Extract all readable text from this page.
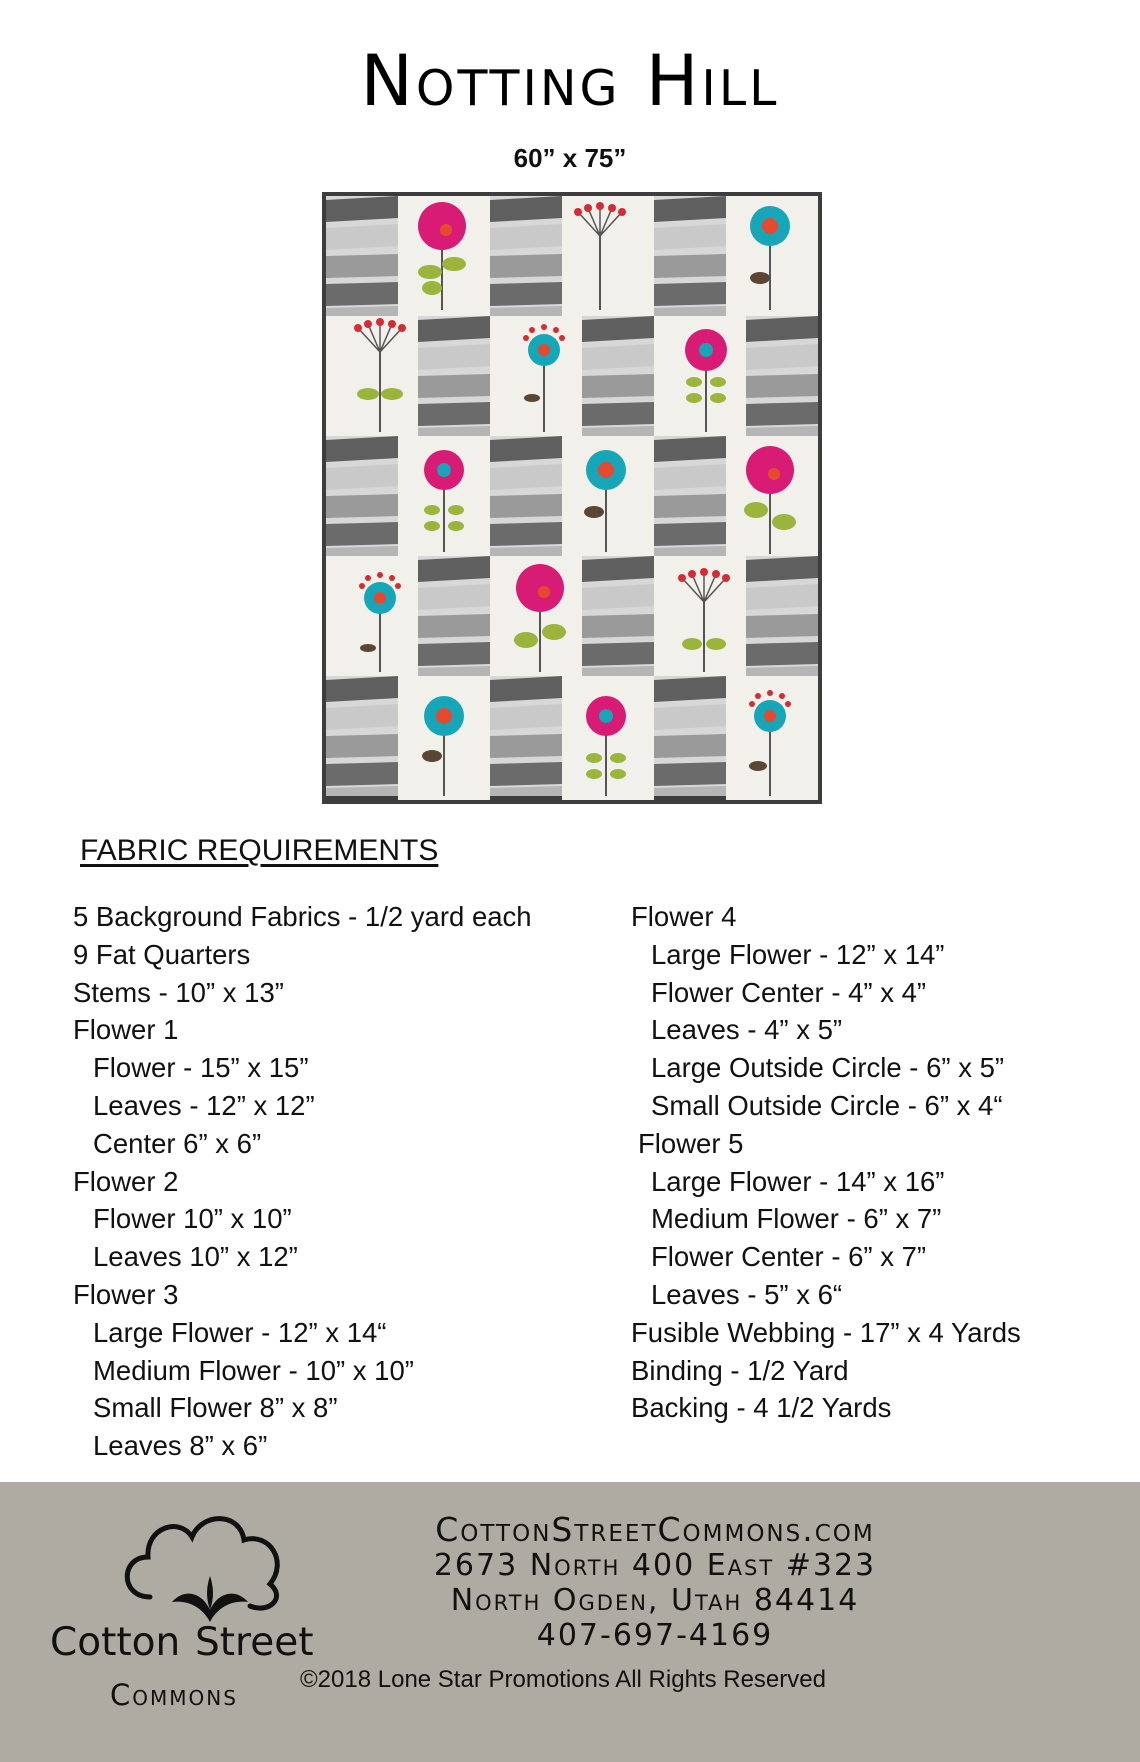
Notting Hill
60” x 75”
FABRIC REQUIREMENTS
5 Background Fabrics - 1/2 yard each
9 Fat Quarters
Stems - 10” x 13”
Flower 1
Flower - 15” x 15”
Leaves - 12” x 12”
Center 6” x 6”
Flower 2
Flower 10” x 10”
Leaves 10” x 12”
Flower 3
Large Flower - 12” x 14“
Medium Flower - 10” x 10”
Small Flower 8” x 8”
Leaves 8” x 6”
Flower 4
Large Flower - 12” x 14”
Flower Center - 4” x 4”
Leaves - 4” x 5”
Large Outside Circle - 6” x 5”
Small Outside Circle - 6” x 4“
Flower 5
Large Flower - 14” x 16”
Medium Flower - 6” x 7”
Flower Center - 6” x 7”
Leaves - 5” x 6“
Fusible Webbing - 17” x 4 Yards
Binding - 1/2 Yard
Backing - 4 1/2 Yards
Cotton Street
Commons
CottonStreetCommons.com
2673 North 400 East #323
North Ogden, Utah 84414
407-697-4169
©2018 Lone Star Promotions All Rights Reserved
